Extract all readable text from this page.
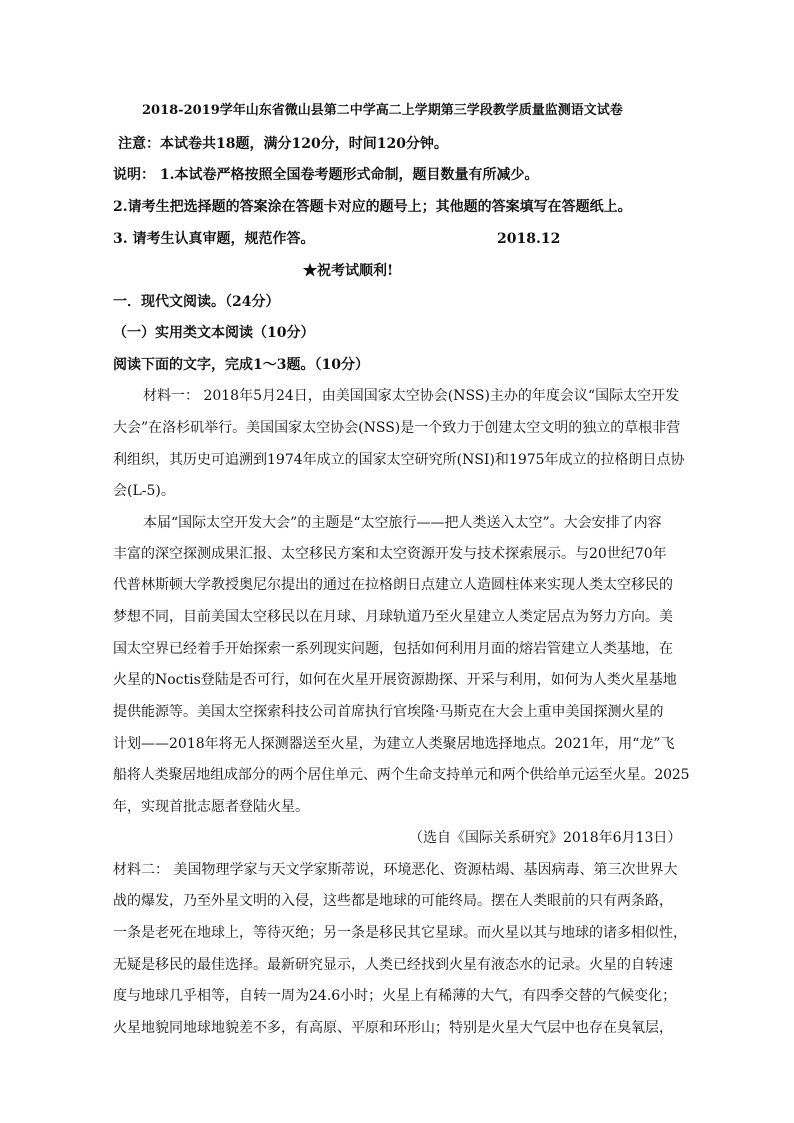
2018-2019学年山东省微山县第二中学高二上学期第三学段教学质量监测语文试卷
注意：本试卷共18题，满分120分，时间120分钟。
说明： 1.本试卷严格按照全国卷考题形式命制，题目数量有所减少。
2.请考生把选择题的答案涂在答题卡对应的题号上；其他题的答案填写在答题纸上。
3. 请考生认真审题，规范作答。	2018.12
★祝考试顺利!
一．现代文阅读。（24分）
（一）实用类文本阅读（10分）
阅读下面的文字，完成1～3题。（10分）
材料一： 2018年5月24日，由美国国家太空协会(NSS)主办的年度会议“国际太空开发
大会”在洛杉矶举行。美国国家太空协会(NSS)是一个致力于创建太空文明的独立的草根非营
利组织，其历史可追溯到1974年成立的国家太空研究所(NSI)和1975年成立的拉格朗日点协
会(L-5)。
本届“国际太空开发大会”的主题是“太空旅行——把人类送入太空”。大会安排了内容
丰富的深空探测成果汇报、太空移民方案和太空资源开发与技术探索展示。与20世纪70年
代普林斯顿大学教授奥尼尔提出的通过在拉格朗日点建立人造圆柱体来实现人类太空移民的
梦想不同，目前美国太空移民以在月球、月球轨道乃至火星建立人类定居点为努力方向。美
国太空界已经着手开始探索一系列现实问题，包括如何利用月面的熔岩管建立人类基地，在
火星的Noctis登陆是否可行，如何在火星开展资源勘探、开采与利用，如何为人类火星基地
提供能源等。美国太空探索科技公司首席执行官埃隆·马斯克在大会上重申美国探测火星的
计划——2018年将无人探测器送至火星，为建立人类聚居地选择地点。2021年，用“龙”飞
船将人类聚居地组成部分的两个居住单元、两个生命支持单元和两个供给单元运至火星。2025
年，实现首批志愿者登陆火星。
（选自《国际关系研究》2018年6月13日）
材料二： 美国物理学家与天文学家斯蒂说，环境恶化、资源枯竭、基因病毒、第三次世界大
战的爆发，乃至外星文明的入侵，这些都是地球的可能终局。摆在人类眼前的只有两条路，
一条是老死在地球上，等待灭绝；另一条是移民其它星球。而火星以其与地球的诸多相似性，
无疑是移民的最佳选择。最新研究显示，人类已经找到火星有液态水的记录。火星的自转速
度与地球几乎相等，自转一周为24.6小时；火星上有稀薄的大气，有四季交替的气候变化；
火星地貌同地球地貌差不多，有高原、平原和环形山；特别是火星大气层中也存在臭氧层，
